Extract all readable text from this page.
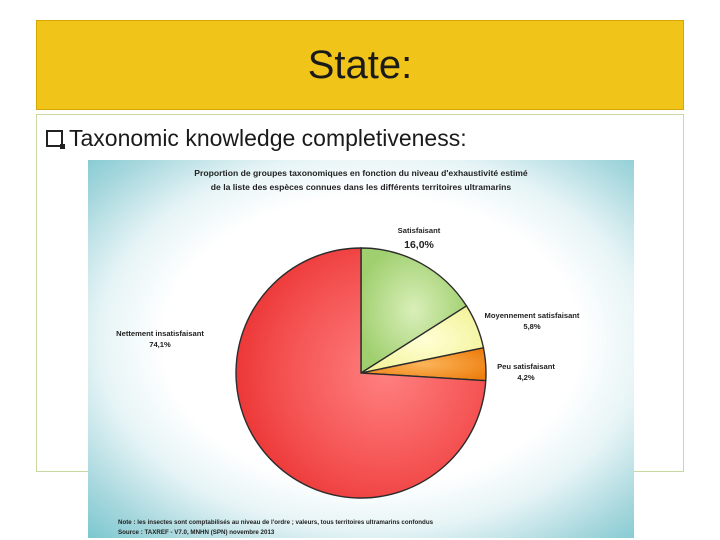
State:
Taxonomic knowledge completiveness:
Proportion de groupes taxonomiques en fonction du niveau d'exhaustivité estimé
de la liste des espèces connues dans les différents territoires ultramarins
Satisfaisant
16,0%
Moyennement satisfaisant
5,8%
Peu satisfaisant
4,2%
Nettement insatisfaisant
74,1%
Note : les insectes sont comptabilisés au niveau de l'ordre ; valeurs, tous territoires ultramarins confondus
Source : TAXREF - V7.0, MNHN (SPN) novembre 2013
